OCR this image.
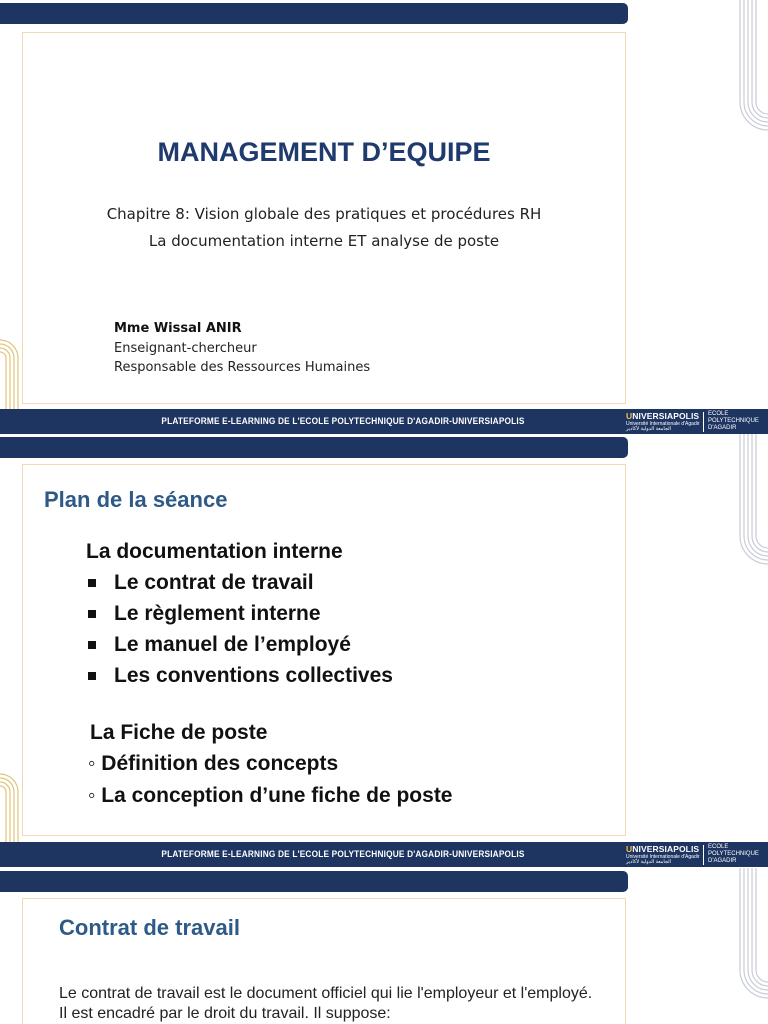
MANAGEMENT D’EQUIPE
Chapitre 8: Vision globale des pratiques et procédures RH
La documentation interne ET analyse de poste
Mme Wissal ANIR
Enseignant-chercheur
Responsable des Ressources Humaines
PLATEFORME E-LEARNING DE L'ECOLE POLYTECHNIQUE D'AGADIR-UNIVERSIAPOLIS	UNIVERSIAPOLIS
Université Internationale d'Agadir
الجامعة الدولية لأكادير
ECOLE
POLYTECHNIQUE
D'AGADIR
Plan de la séance
La documentation interne
Le contrat de travail
Le règlement interne
Le manuel de l’employé
Les conventions collectives
La Fiche de poste
◦ Définition des concepts
◦ La conception d’une fiche de poste
PLATEFORME E-LEARNING DE L'ECOLE POLYTECHNIQUE D'AGADIR-UNIVERSIAPOLIS	UNIVERSIAPOLIS
Université Internationale d'Agadir
الجامعة الدولية لأكادير
ECOLE
POLYTECHNIQUE
D'AGADIR
Contrat de travail
Le contrat de travail est le document officiel qui lie l'employeur et l'employé.
Il est encadré par le droit du travail. Il suppose:
